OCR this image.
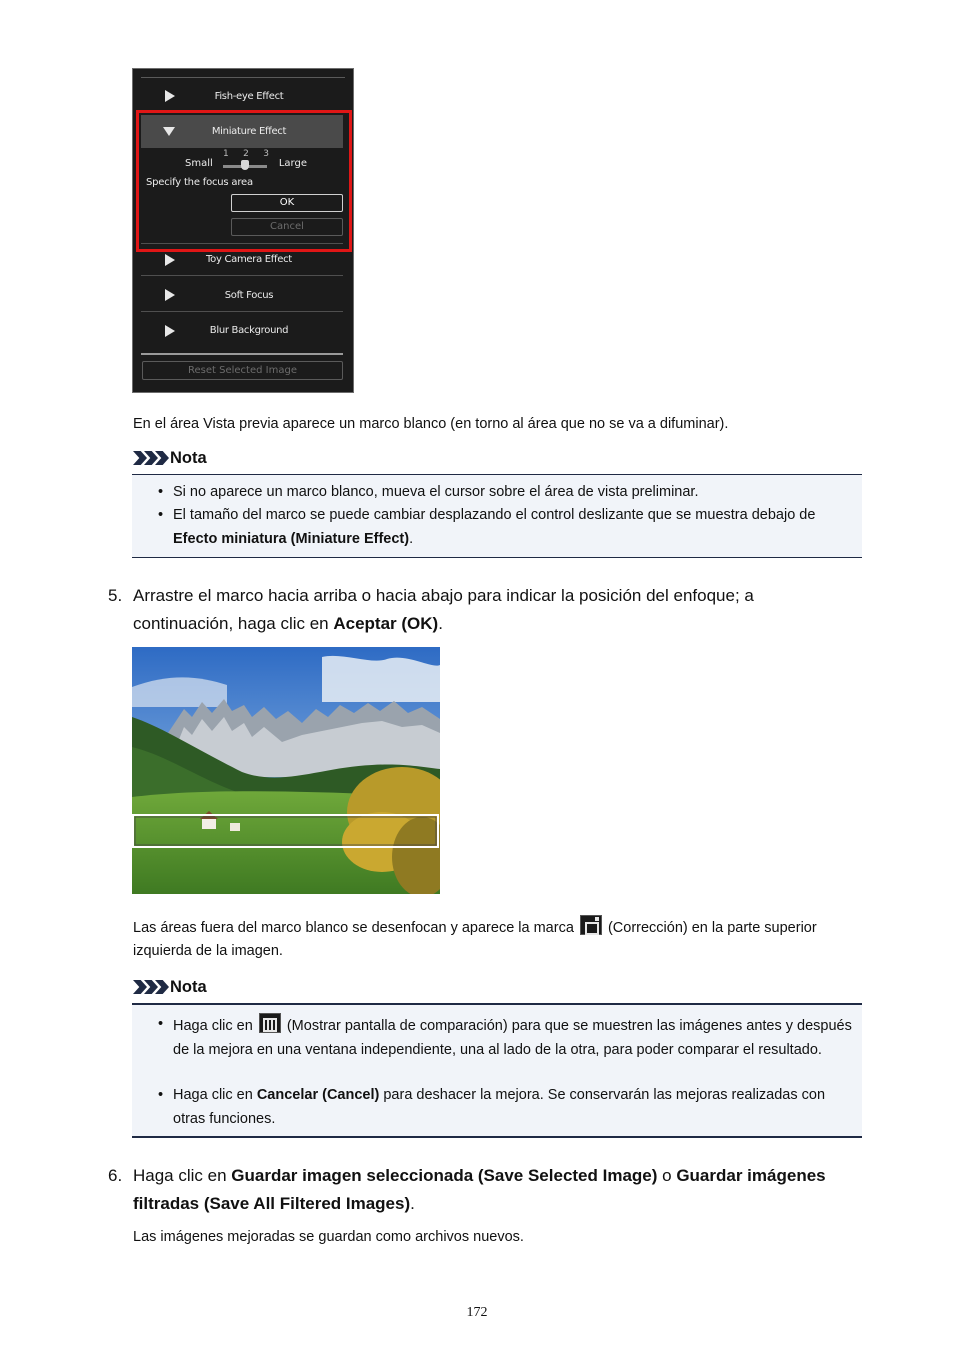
Fish-eye Effect
Miniature Effect
Small
1 2 3
Large
Specify the focus area
OK
Cancel
Toy Camera Effect
Soft Focus
Blur Background
Reset Selected Image
En el área Vista previa aparece un marco blanco (en torno al área que no se va a difuminar).
Nota
• Si no aparece un marco blanco, mueva el cursor sobre el área de vista preliminar.
• El tamaño del marco se puede cambiar desplazando el control deslizante que se muestra debajo de Efecto miniatura (Miniature Effect).
5. Arrastre el marco hacia arriba o hacia abajo para indicar la posición del enfoque; a continuación, haga clic en Aceptar (OK).
Las áreas fuera del marco blanco se desenfocan y aparece la marca  (Corrección) en la parte superior izquierda de la imagen.
Nota
• Haga clic en  (Mostrar pantalla de comparación) para que se muestren las imágenes antes y después de la mejora en una ventana independiente, una al lado de la otra, para poder comparar el resultado.
• Haga clic en Cancelar (Cancel) para deshacer la mejora. Se conservarán las mejoras realizadas con otras funciones.
6. Haga clic en Guardar imagen seleccionada (Save Selected Image) o Guardar imágenes filtradas (Save All Filtered Images).
Las imágenes mejoradas se guardan como archivos nuevos.
172
